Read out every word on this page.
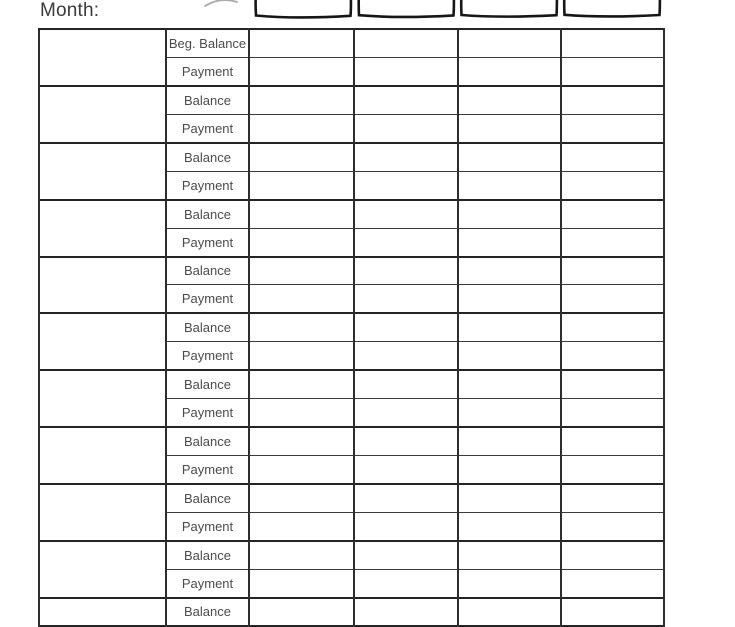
Month:
	Beg. Balance				
	Payment				
	Balance				
	Payment				
	Balance				
	Payment				
	Balance				
	Payment				
	Balance				
	Payment				
	Balance				
	Payment				
	Balance				
	Payment				
	Balance				
	Payment				
	Balance				
	Payment				
	Balance				
	Payment				
	Balance				
